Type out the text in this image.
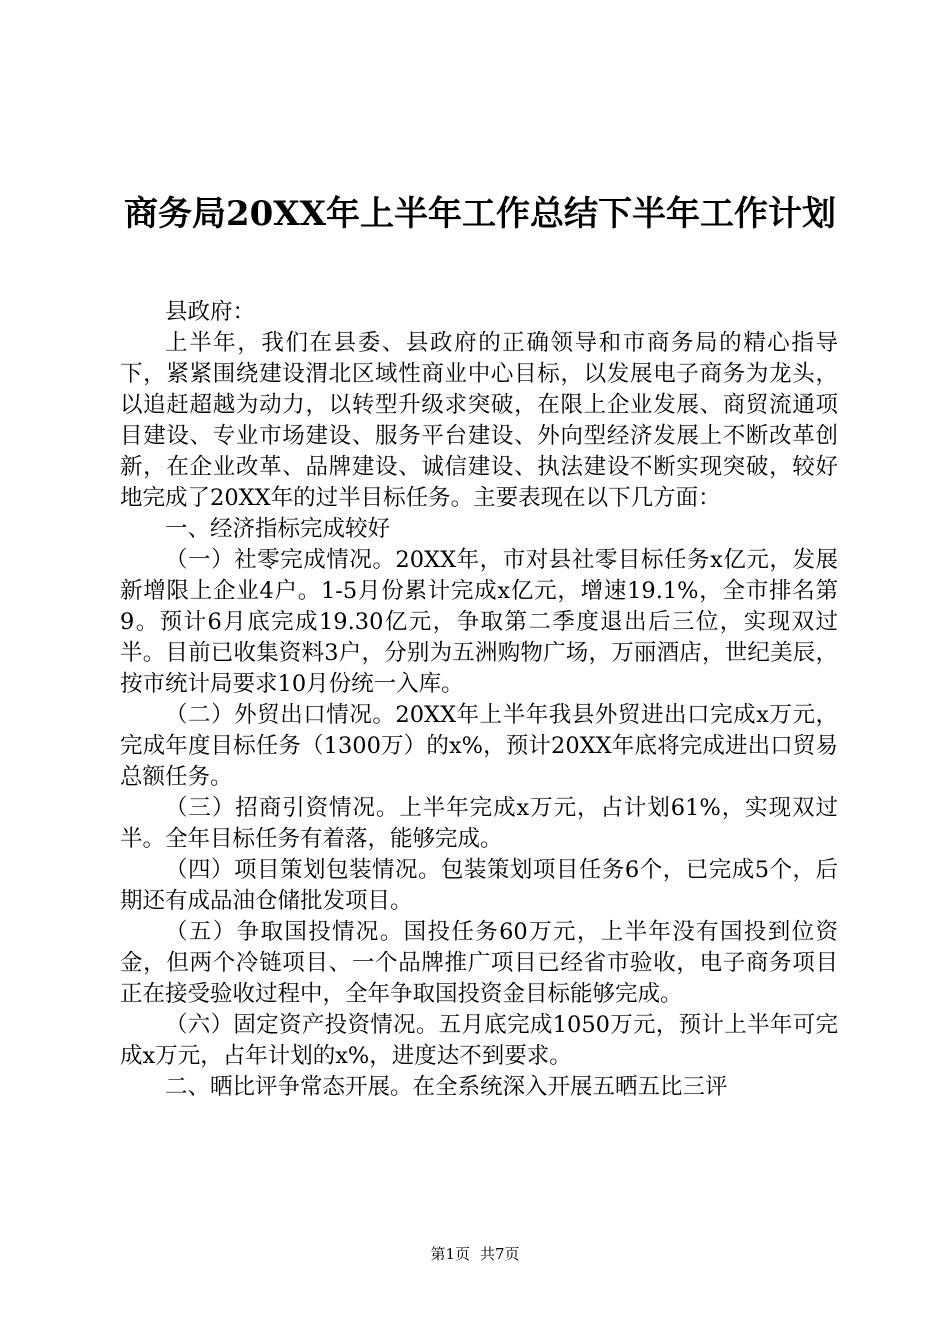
商务局20XX年上半年工作总结下半年工作计划

县政府：

上半年，我们在县委、县政府的正确领导和市商务局的精心指导下，紧紧围绕建设渭北区域性商业中心目标，以发展电子商务为龙头，以追赶超越为动力，以转型升级求突破，在限上企业发展、商贸流通项目建设、专业市场建设、服务平台建设、外向型经济发展上不断改革创新，在企业改革、品牌建设、诚信建设、执法建设不断实现突破，较好地完成了20XX年的过半目标任务。主要表现在以下几方面：

一、经济指标完成较好

（一）社零完成情况。20XX年，市对县社零目标任务x亿元，发展新增限上企业4户。1-5月份累计完成x亿元，增速19.1%，全市排名第9。预计6月底完成19.30亿元，争取第二季度退出后三位，实现双过半。目前已收集资料3户，分别为五洲购物广场，万丽酒店，世纪美辰，按市统计局要求10月份统一入库。

（二）外贸出口情况。20XX年上半年我县外贸进出口完成x万元，完成年度目标任务（1300万）的x%，预计20XX年底将完成进出口贸易总额任务。

（三）招商引资情况。上半年完成x万元，占计划61%，实现双过半。全年目标任务有着落，能够完成。

（四）项目策划包装情况。包装策划项目任务6个，已完成5个，后期还有成品油仓储批发项目。

（五）争取国投情况。国投任务60万元，上半年没有国投到位资金，但两个冷链项目、一个品牌推广项目已经省市验收，电子商务项目正在接受验收过程中，全年争取国投资金目标能够完成。

（六）固定资产投资情况。五月底完成1050万元，预计上半年可完成x万元，占年计划的x%，进度达不到要求。

二、晒比评争常态开展。在全系统深入开展五晒五比三评

第1页 共7页
